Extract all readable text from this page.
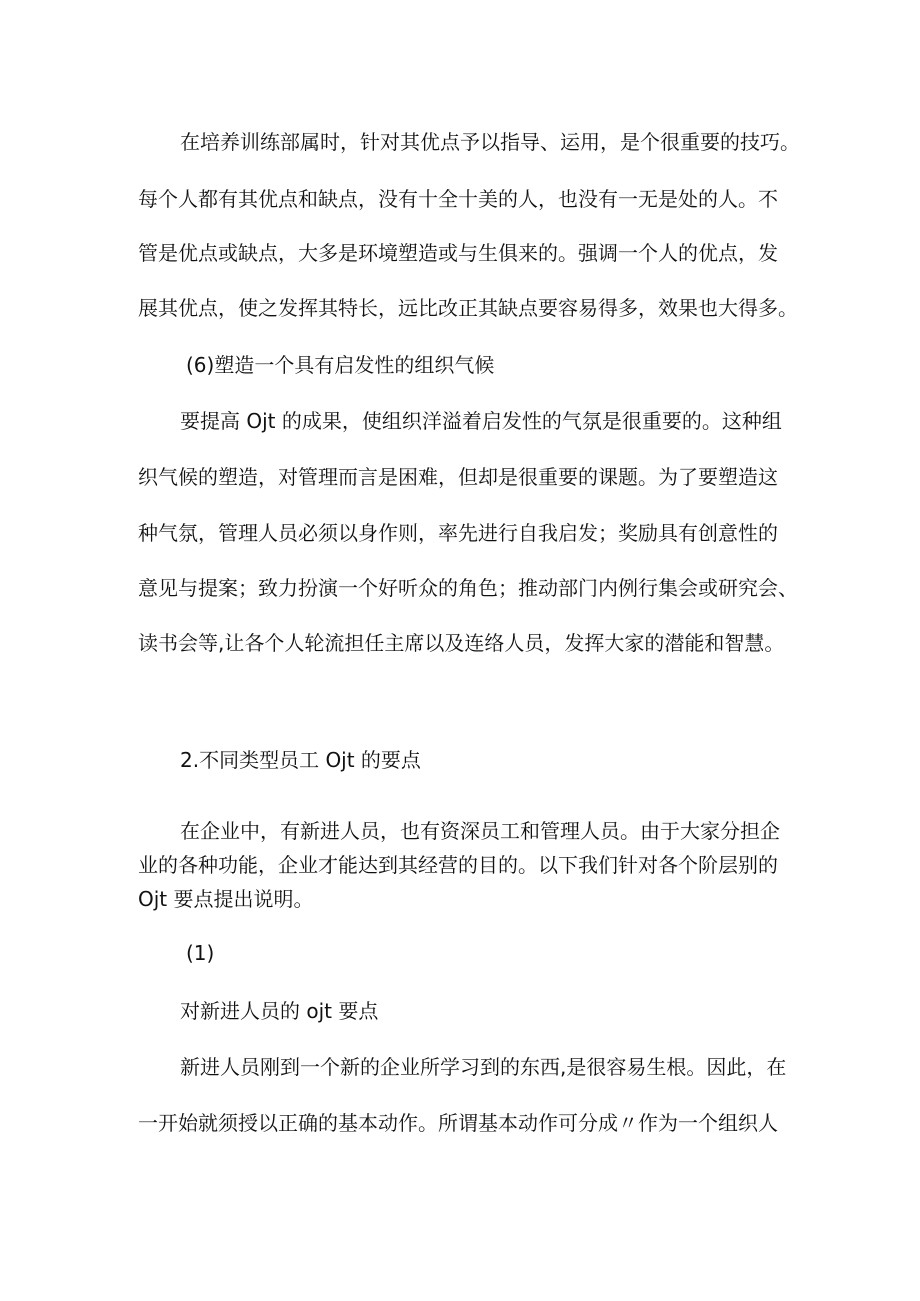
在培养训练部属时，针对其优点予以指导、运用，是个很重要的技巧。
每个人都有其优点和缺点，没有十全十美的人，也没有一无是处的人。不
管是优点或缺点，大多是环境塑造或与生俱来的。强调一个人的优点，发
展其优点，使之发挥其特长，远比改正其缺点要容易得多，效果也大得多。
(6)塑造一个具有启发性的组织气候
要提高 Ojt 的成果，使组织洋溢着启发性的气氛是很重要的。这种组
织气候的塑造，对管理而言是困难，但却是很重要的课题。为了要塑造这
种气氛，管理人员必须以身作则，率先进行自我启发；奖励具有创意性的
意见与提案；致力扮演一个好听众的角色；推动部门内例行集会或研究会、
读书会等,让各个人轮流担任主席以及连络人员，发挥大家的潜能和智慧。
2.不同类型员工 Ojt 的要点
在企业中，有新进人员，也有资深员工和管理人员。由于大家分担企
业的各种功能，企业才能达到其经营的目的。以下我们针对各个阶层别的
Ojt 要点提出说明。
(1)
对新进人员的 ojt 要点
新进人员刚到一个新的企业所学习到的东西,是很容易生根。因此，在
一开始就须授以正确的基本动作。所谓基本动作可分成〃作为一个组织人
